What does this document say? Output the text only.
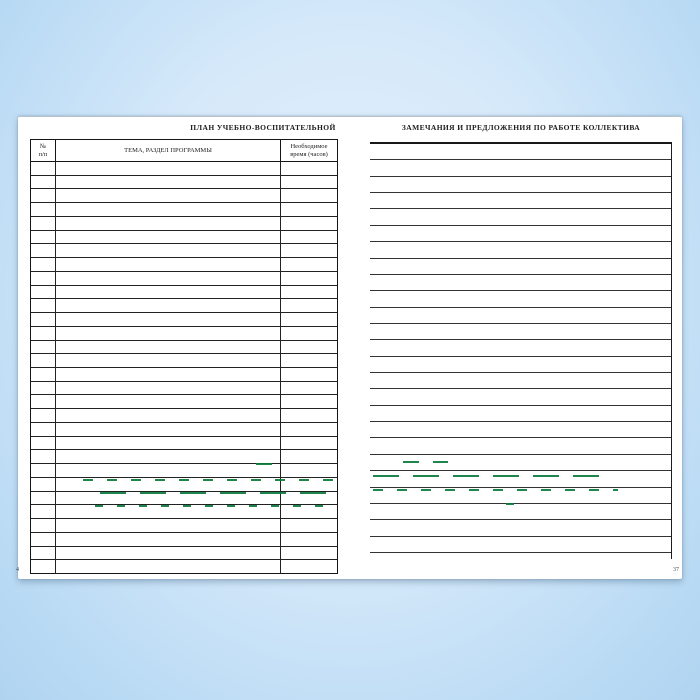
ПЛАН УЧЕБНО-ВОСПИТАТЕЛЬНОЙ
№
п/п
ТЕМА, РАЗДЕЛ ПРОГРАММЫ
Необходимое
время (часов)
4
ЗАМЕЧАНИЯ И ПРЕДЛОЖЕНИЯ ПО РАБОТЕ КОЛЛЕКТИВА
37
